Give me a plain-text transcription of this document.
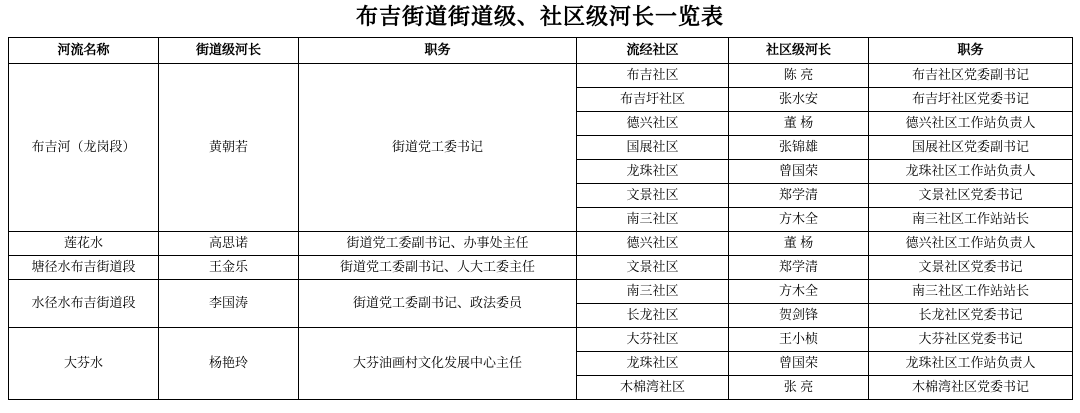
布吉街道街道级、社区级河长一览表
河流名称	街道级河长	职务	流经社区	社区级河长	职务
布吉河（龙岗段）	黄朝若	街道党工委书记	布吉社区	陈 亮	布吉社区党委副书记
			布吉圩社区	张水安	布吉圩社区党委书记
			德兴社区	董 杨	德兴社区工作站负责人
			国展社区	张锦雄	国展社区党委副书记
			龙珠社区	曾国荣	龙珠社区工作站负责人
			文景社区	郑学清	文景社区党委书记
			南三社区	方木全	南三社区工作站站长
莲花水	高思诺	街道党工委副书记、办事处主任	德兴社区	董 杨	德兴社区工作站负责人
塘径水布吉街道段	王金乐	街道党工委副书记、人大工委主任	文景社区	郑学清	文景社区党委书记
水径水布吉街道段	李国涛	街道党工委副书记、政法委员	南三社区	方木全	南三社区工作站站长
			长龙社区	贺剑锋	长龙社区党委书记
大芬水	杨艳玲	大芬油画村文化发展中心主任	大芬社区	王小桢	大芬社区党委书记
			龙珠社区	曾国荣	龙珠社区工作站负责人
			木棉湾社区	张 亮	木棉湾社区党委书记
